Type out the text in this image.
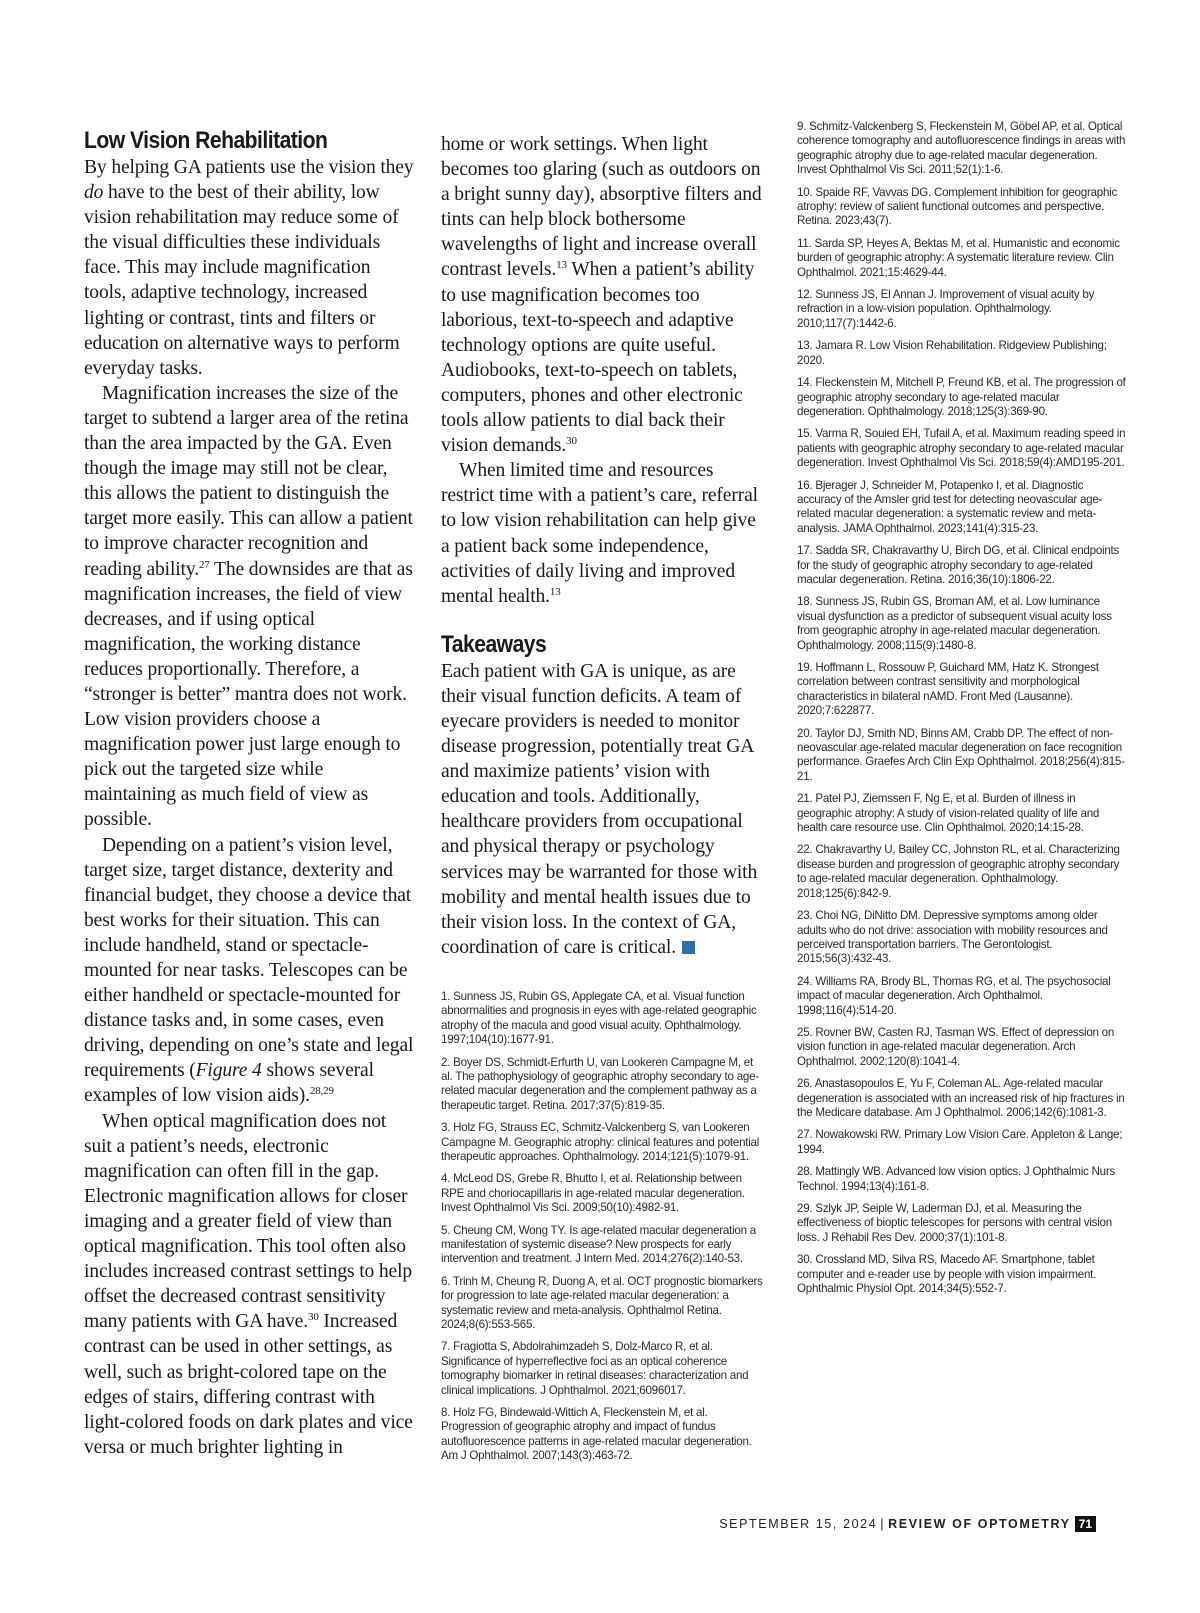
Low Vision Rehabilitation

By helping GA patients use the vision they do have to the best of their ability, low vision rehabilitation may reduce some of the visual difficulties these individuals face. This may include magnification tools, adaptive technology, increased lighting or contrast, tints and filters or education on alternative ways to perform everyday tasks.

Magnification increases the size of the target to subtend a larger area of the retina than the area impacted by the GA. Even though the image may still not be clear, this allows the patient to distinguish the target more easily. This can allow a patient to improve character recognition and reading ability.$^{27}$ The downsides are that as magnification increases, the field of view decreases, and if using optical magnification, the working distance reduces proportionally. Therefore, a “stronger is better” mantra does not work. Low vision providers choose a magnification power just large enough to pick out the targeted size while maintaining as much field of view as possible.

Depending on a patient’s vision level, target size, target distance, dexterity and financial budget, they choose a device that best works for their situation. This can include handheld, stand or spectacle-mounted for near tasks. Telescopes can be either handheld or spectacle-mounted for distance tasks and, in some cases, even driving, depending on one’s state and legal requirements (Figure 4 shows several examples of low vision aids).$^{28,29}$

When optical magnification does not suit a patient’s needs, electronic magnification can often fill in the gap. Electronic magnification allows for closer imaging and a greater field of view than optical magnification. This tool often also includes increased contrast settings to help offset the decreased contrast sensitivity many patients with GA have.$^{30}$ Increased contrast can be used in other settings, as well, such as bright-colored tape on the edges of stairs, differing contrast with light-colored foods on dark plates and vice versa or much brighter lighting in

home or work settings. When light becomes too glaring (such as outdoors on a bright sunny day), absorptive filters and tints can help block bothersome wavelengths of light and increase overall contrast levels.$^{13}$ When a patient’s ability to use magnification becomes too laborious, text-to-speech and adaptive technology options are quite useful. Audiobooks, text-to-speech on tablets, computers, phones and other electronic tools allow patients to dial back their vision demands.$^{30}$

When limited time and resources restrict time with a patient’s care, referral to low vision rehabilitation can help give a patient back some independence, activities of daily living and improved mental health.$^{13}$

Takeaways

Each patient with GA is unique, as are their visual function deficits. A team of eyecare providers is needed to monitor disease progression, potentially treat GA and maximize patients’ vision with education and tools. Additionally, healthcare providers from occupational and physical therapy or psychology services may be warranted for those with mobility and mental health issues due to their vision loss. In the context of GA, coordination of care is critical.

1. Sunness JS, Rubin GS, Applegate CA, et al. Visual function abnormalities and prognosis in eyes with age-related geographic atrophy of the macula and good visual acuity. Ophthalmology. 1997;104(10):1677-91.

2. Boyer DS, Schmidt-Erfurth U, van Lookeren Campagne M, et al. The pathophysiology of geographic atrophy secondary to age-related macular degeneration and the complement pathway as a therapeutic target. Retina. 2017;37(5):819-35.

3. Holz FG, Strauss EC, Schmitz-Valckenberg S, van Lookeren Campagne M. Geographic atrophy: clinical features and potential therapeutic approaches. Ophthalmology. 2014;121(5):1079-91.

4. McLeod DS, Grebe R, Bhutto I, et al. Relationship between RPE and choriocapillaris in age-related macular degeneration. Invest Ophthalmol Vis Sci. 2009;50(10):4982-91.

5. Cheung CM, Wong TY. Is age-related macular degeneration a manifestation of systemic disease? New prospects for early intervention and treatment. J Intern Med. 2014;276(2):140-53.

6. Trinh M, Cheung R, Duong A, et al. OCT prognostic biomarkers for progression to late age-related macular degeneration: a systematic review and meta-analysis. Ophthalmol Retina. 2024;8(6):553-565.

7. Fragiotta S, Abdolrahimzadeh S, Dolz-Marco R, et al. Significance of hyperreflective foci as an optical coherence tomography biomarker in retinal diseases: characterization and clinical implications. J Ophthalmol. 2021;6096017.

8. Holz FG, Bindewald-Wittich A, Fleckenstein M, et al. Progression of geographic atrophy and impact of fundus autofluorescence patterns in age-related macular degeneration. Am J Ophthalmol. 2007;143(3):463-72.

9. Schmitz-Valckenberg S, Fleckenstein M, Göbel AP, et al. Optical coherence tomography and autofluorescence findings in areas with geographic atrophy due to age-related macular degeneration. Invest Ophthalmol Vis Sci. 2011;52(1):1-6.

10. Spaide RF, Vavvas DG. Complement inhibition for geographic atrophy: review of salient functional outcomes and perspective. Retina. 2023;43(7).

11. Sarda SP, Heyes A, Bektas M, et al. Humanistic and economic burden of geographic atrophy: A systematic literature review. Clin Ophthalmol. 2021;15:4629-44.

12. Sunness JS, El Annan J. Improvement of visual acuity by refraction in a low-vision population. Ophthalmology. 2010;117(7):1442-6.

13. Jamara R. Low Vision Rehabilitation. Ridgeview Publishing; 2020.

14. Fleckenstein M, Mitchell P, Freund KB, et al. The progression of geographic atrophy secondary to age-related macular degeneration. Ophthalmology. 2018;125(3):369-90.

15. Varma R, Souied EH, Tufail A, et al. Maximum reading speed in patients with geographic atrophy secondary to age-related macular degeneration. Invest Ophthalmol Vis Sci. 2018;59(4):AMD195-201.

16. Bjerager J, Schneider M, Potapenko I, et al. Diagnostic accuracy of the Amsler grid test for detecting neovascular age-related macular degeneration: a systematic review and meta-analysis. JAMA Ophthalmol. 2023;141(4):315-23.

17. Sadda SR, Chakravarthy U, Birch DG, et al. Clinical endpoints for the study of geographic atrophy secondary to age-related macular degeneration. Retina. 2016;36(10):1806-22.

18. Sunness JS, Rubin GS, Broman AM, et al. Low luminance visual dysfunction as a predictor of subsequent visual acuity loss from geographic atrophy in age-related macular degeneration. Ophthalmology. 2008;115(9):1480-8.

19. Hoffmann L, Rossouw P, Guichard MM, Hatz K. Strongest correlation between contrast sensitivity and morphological characteristics in bilateral nAMD. Front Med (Lausanne). 2020;7:622877.

20. Taylor DJ, Smith ND, Binns AM, Crabb DP. The effect of non-neovascular age-related macular degeneration on face recognition performance. Graefes Arch Clin Exp Ophthalmol. 2018;256(4):815-21.

21. Patel PJ, Ziemssen F, Ng E, et al. Burden of illness in geographic atrophy: A study of vision-related quality of life and health care resource use. Clin Ophthalmol. 2020;14:15-28.

22. Chakravarthy U, Bailey CC, Johnston RL, et al. Characterizing disease burden and progression of geographic atrophy secondary to age-related macular degeneration. Ophthalmology. 2018;125(6):842-9.

23. Choi NG, DiNitto DM. Depressive symptoms among older adults who do not drive: association with mobility resources and perceived transportation barriers. The Gerontologist. 2015;56(3):432-43.

24. Williams RA, Brody BL, Thomas RG, et al. The psychosocial impact of macular degeneration. Arch Ophthalmol. 1998;116(4):514-20.

25. Rovner BW, Casten RJ, Tasman WS. Effect of depression on vision function in age-related macular degeneration. Arch Ophthalmol. 2002;120(8):1041-4.

26. Anastasopoulos E, Yu F, Coleman AL. Age-related macular degeneration is associated with an increased risk of hip fractures in the Medicare database. Am J Ophthalmol. 2006;142(6):1081-3.

27. Nowakowski RW. Primary Low Vision Care. Appleton & Lange; 1994.

28. Mattingly WB. Advanced low vision optics. J Ophthalmic Nurs Technol. 1994;13(4):161-8.

29. Szlyk JP, Seiple W, Laderman DJ, et al. Measuring the effectiveness of bioptic telescopes for persons with central vision loss. J Rehabil Res Dev. 2000;37(1):101-8.

30. Crossland MD, Silva RS, Macedo AF. Smartphone, tablet computer and e-reader use by people with vision impairment. Ophthalmic Physiol Opt. 2014;34(5):552-7.

SEPTEMBER 15, 2024 | REVIEW OF OPTOMETRY 71
